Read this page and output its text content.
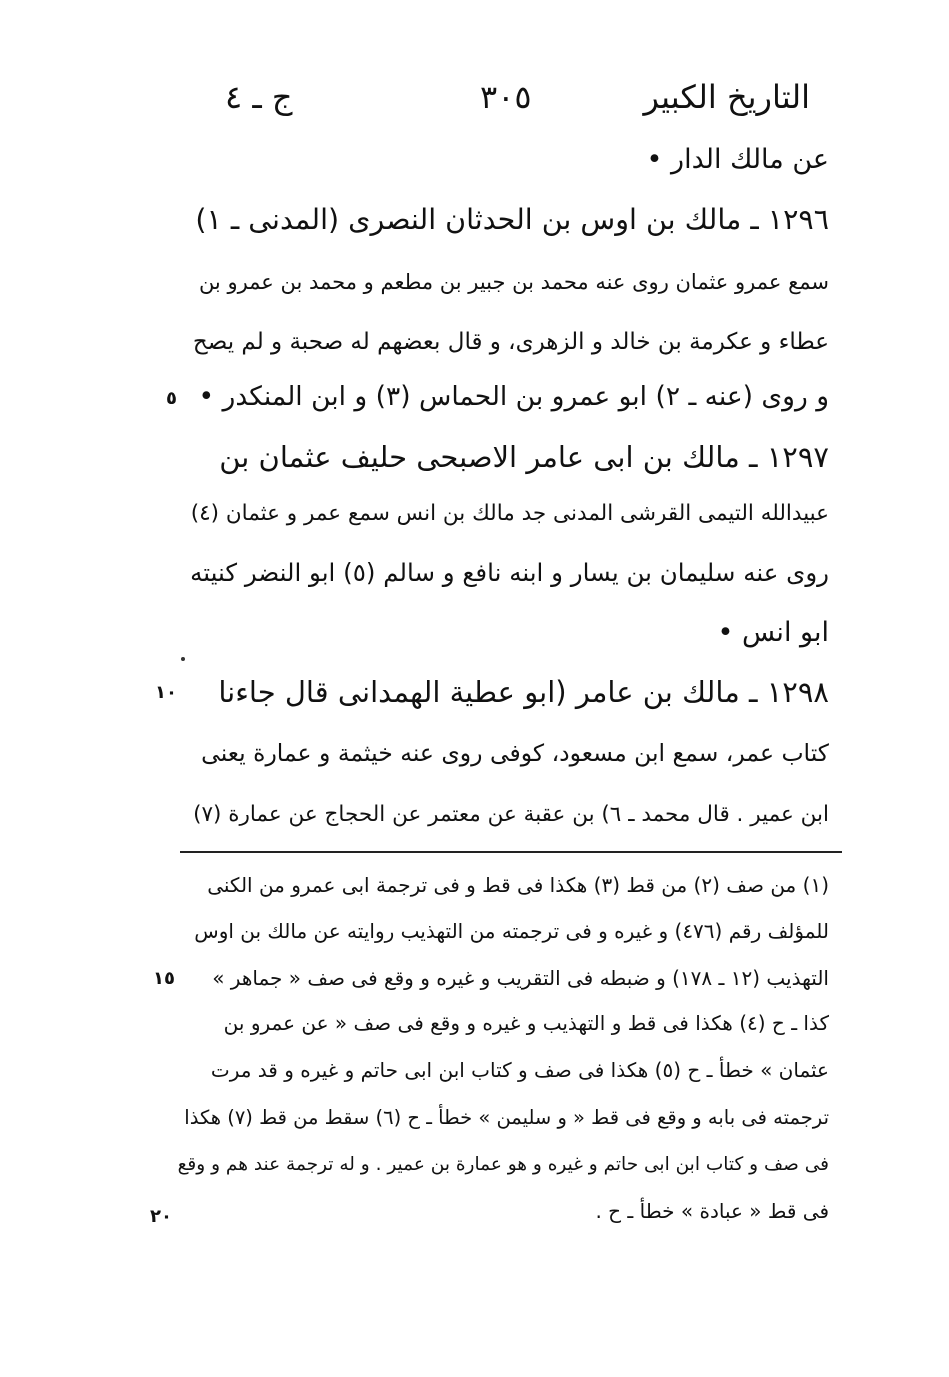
التاريخ الكبير
٣٠٥
ج ـ ٤
عن مالك الدار •
١٢٩٦ ـ مالك بن اوس بن الحدثان النصرى (المدنى ـ ١)
سمع عمرو عثمان روى عنه محمد بن جبير بن مطعم و محمد بن عمرو بن
عطاء و عكرمة بن خالد و الزهرى، و قال بعضهم له صحبة و لم يصح
و روى (عنه ـ ٢) ابو عمرو بن الحماس (٣) و ابن المنكدر •
١٢٩٧ ـ مالك بن ابى عامر الاصبحى حليف عثمان بن
عبيدالله التيمى القرشى المدنى جد مالك بن انس سمع عمر و عثمان (٤)
روى عنه سليمان بن يسار و ابنه نافع و سالم (٥) ابو النضر كنيته
ابو انس •
١٢٩٨ ـ مالك بن عامر (ابو عطية الهمدانى قال جاءنا
كتاب عمر، سمع ابن مسعود، كوفى روى عنه خيثمة و عمارة يعنى
ابن عمير . قال محمد ـ ٦) بن عقبة عن معتمر عن الحجاج عن عمارة (٧)
٥
١٠
١٥
٢٠
(١) من صف (٢) من قط (٣) هكذا فى قط و فى ترجمة ابى عمرو من الكنى
للمؤلف رقم (٤٧٦) و غيره و فى ترجمته من التهذيب روايته عن مالك بن اوس
التهذيب (١٢ ـ ١٧٨) و ضبطه فى التقريب و غيره و وقع فى صف « جماهر »
كذا ـ ح (٤) هكذا فى قط و التهذيب و غيره و وقع فى صف « عن عمرو بن
عثمان » خطأ ـ ح (٥) هكذا فى صف و كتاب ابن ابى حاتم و غيره و قد مرت
ترجمته فى بابه و وقع فى قط « و سليمن » خطأ ـ ح (٦) سقط من قط (٧) هكذا
فى صف و كتاب ابن ابى حاتم و غيره و هو عمارة بن عمير . و له ترجمة عند هم و وقع
فى قط « عبادة » خطأ ـ ح .
